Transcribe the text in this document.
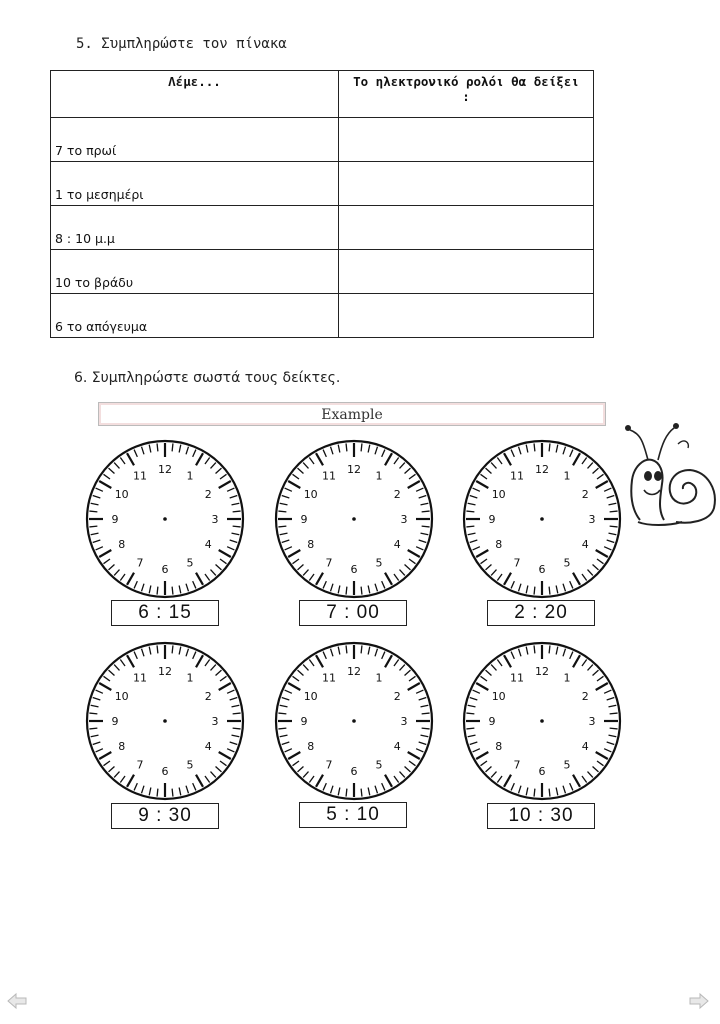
5. Συμπληρώστε τον πίνακα
Λέμε...	Το ηλεκτρονικό ρολόι θα δείξει :
7 το πρωί	
1 το μεσημέρι	
8 : 10 μ.μ	
10 το βράδυ	
6 το απόγευμα	
6. Συμπληρώστε σωστά τους δείκτες.
Example
12
1
2
3
4
5
6
7
8
9
10
11
12
1
2
3
4
5
6
7
8
9
10
11
12
1
2
3
4
5
6
7
8
9
10
11
12
1
2
3
4
5
6
7
8
9
10
11
12
1
2
3
4
5
6
7
8
9
10
11
12
1
2
3
4
5
6
7
8
9
10
11
6 : 15	7 : 00	2 : 20
9 : 30	5 : 10	10 : 30
